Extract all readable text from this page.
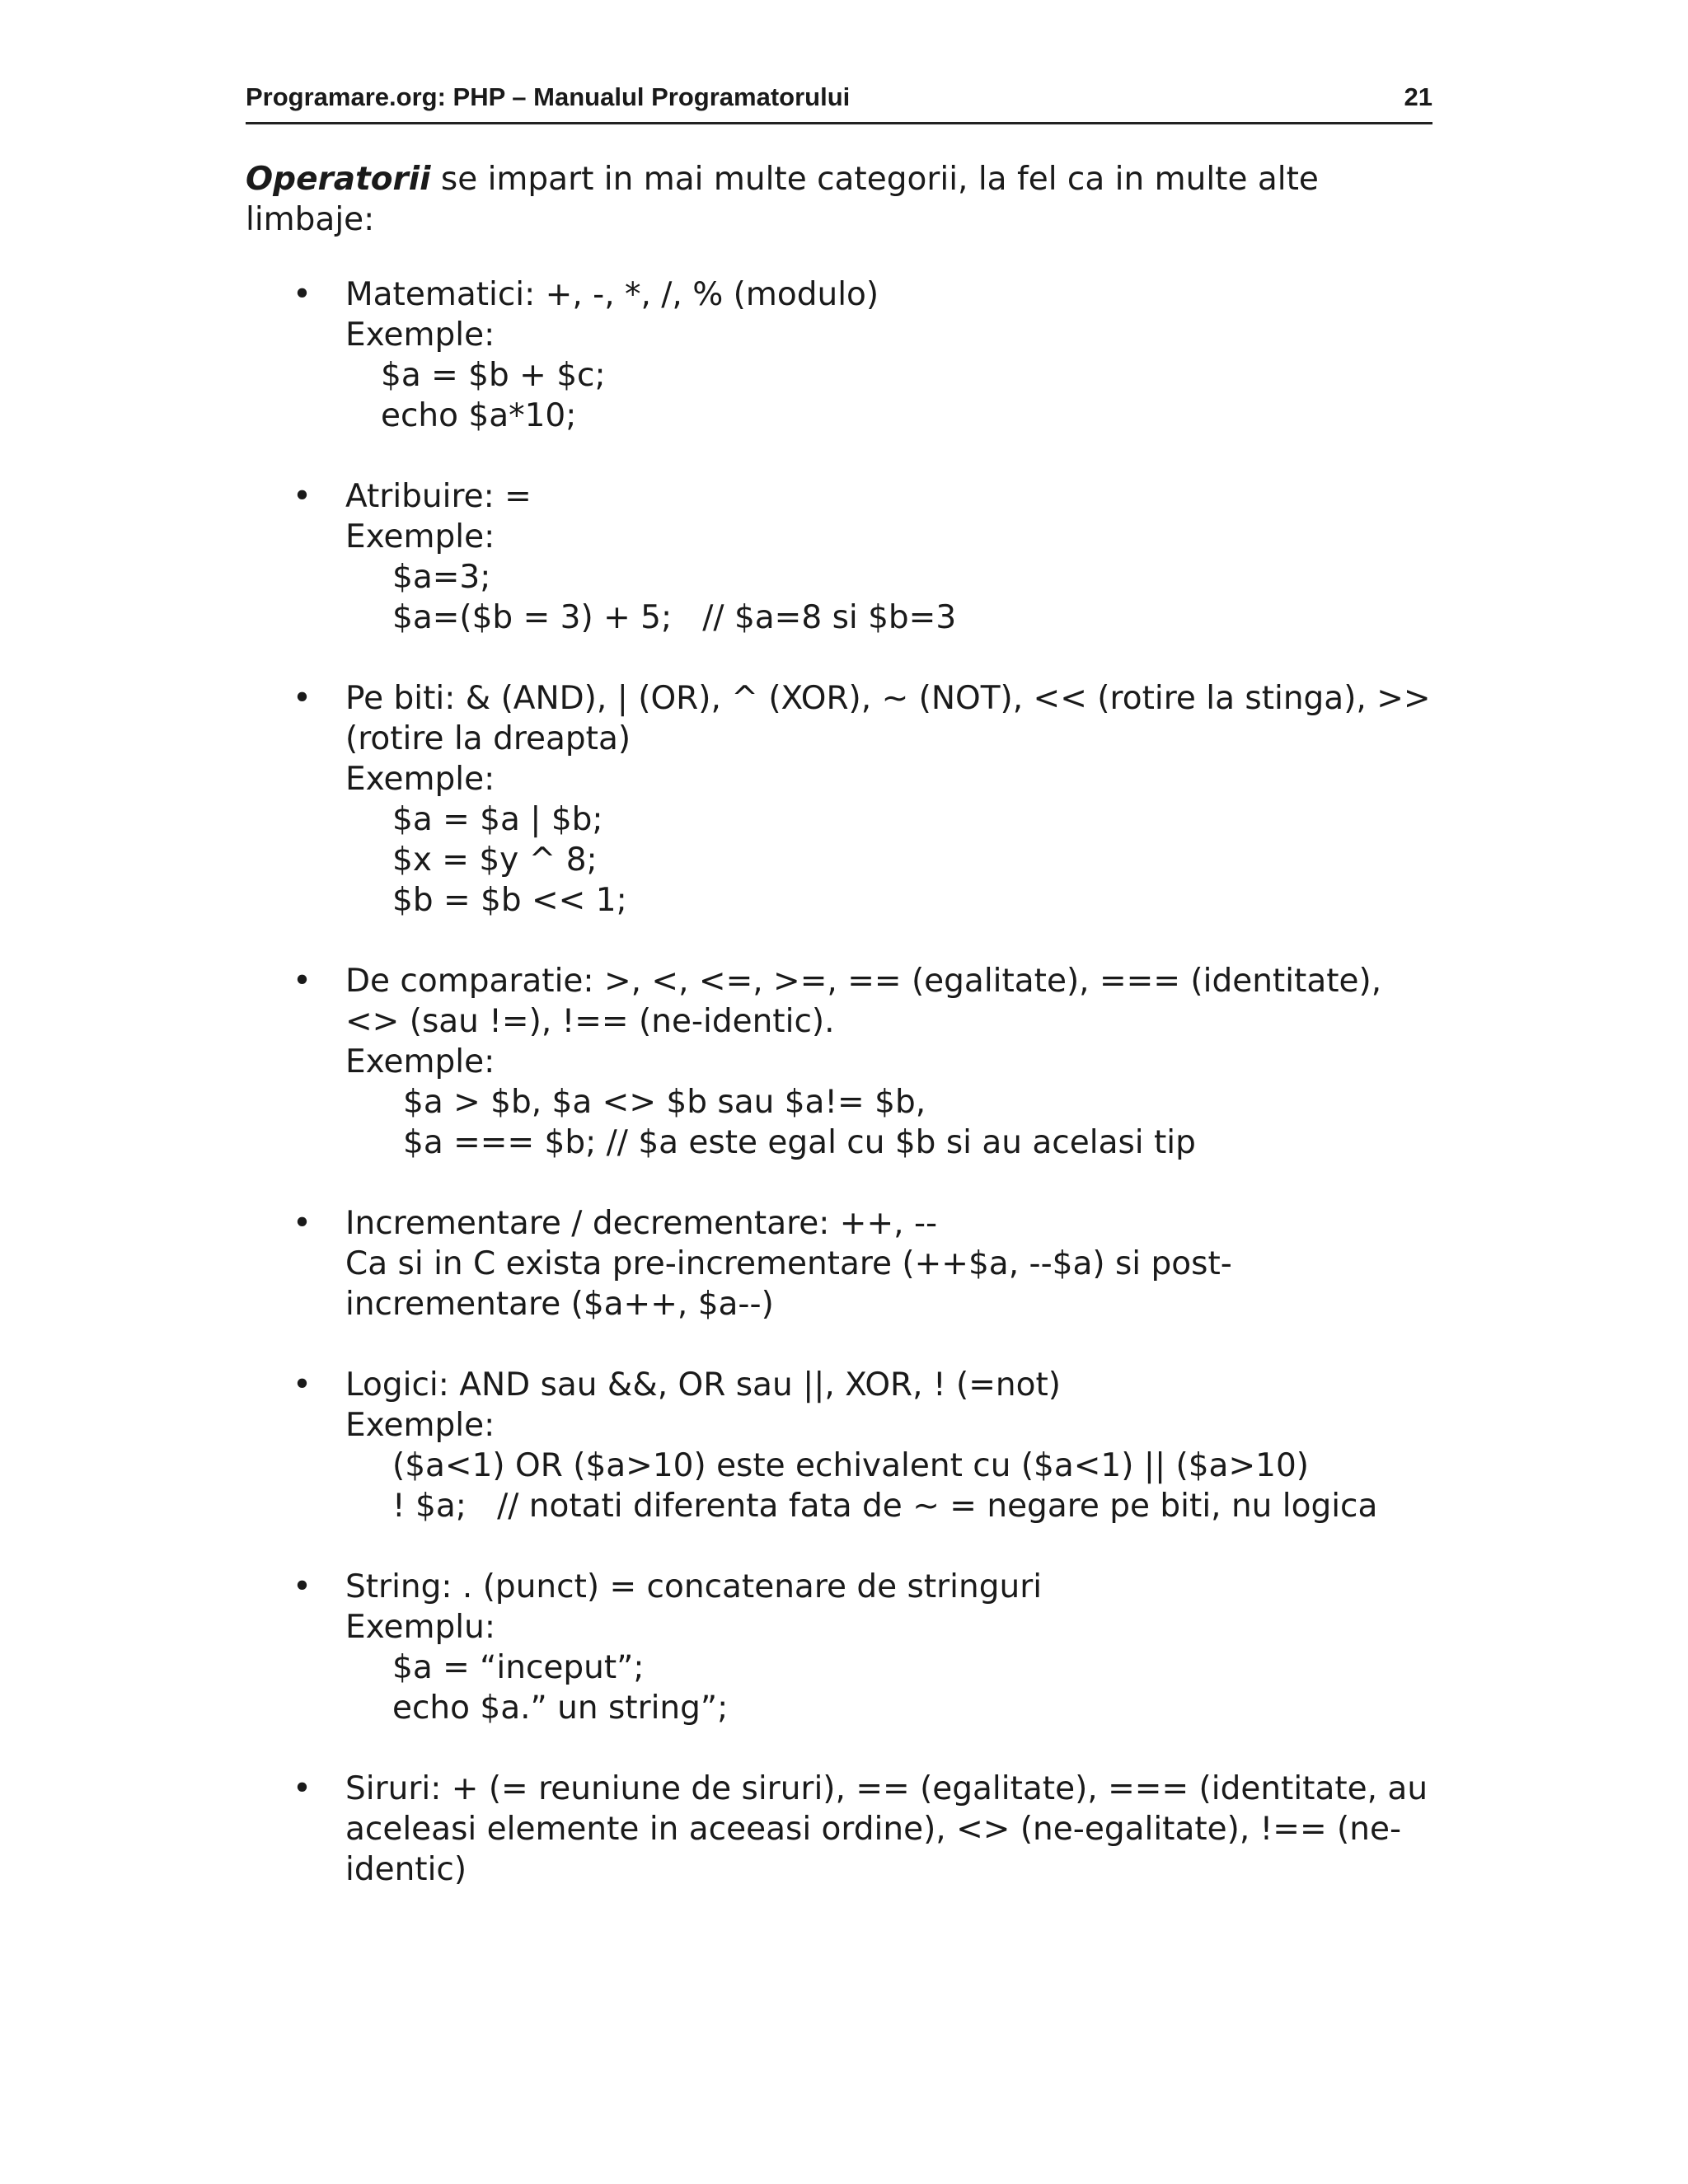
Programare.org: PHP – Manualul Programatorului	21

Operatorii se impart in mai multe categorii, la fel ca in multe alte limbaje:

• Matematici: +, -, *, /, % (modulo)
Exemple:
$a = $b + $c;
echo $a*10;
• Atribuire: =
Exemple:
$a=3;
$a=($b = 3) + 5;   // $a=8 si $b=3
• Pe biti: & (AND), | (OR), ^ (XOR), ~ (NOT), << (rotire la stinga), >> (rotire la dreapta)
Exemple:
$a = $a | $b;
$x = $y ^ 8;
$b = $b << 1;
• De comparatie: >, <, <=, >=, == (egalitate), === (identitate), <> (sau !=), !== (ne-identic).
Exemple:
$a > $b, $a <> $b sau $a!= $b,
$a === $b; // $a este egal cu $b si au acelasi tip
• Incrementare / decrementare: ++, --
Ca si in C exista pre-incrementare (++$a, --$a) si post-incrementare ($a++, $a--)
• Logici: AND sau &&, OR sau ||, XOR, ! (=not)
Exemple:
($a<1) OR ($a>10) este echivalent cu ($a<1) || ($a>10)
! $a;   // notati diferenta fata de ~ = negare pe biti, nu logica
• String: . (punct) = concatenare de stringuri
Exemplu:
$a = “inceput”;
echo $a.” un string”;
• Siruri: + (= reuniune de siruri), == (egalitate), === (identitate, au aceleasi elemente in aceeasi ordine), <> (ne-egalitate), !== (ne-identic)
